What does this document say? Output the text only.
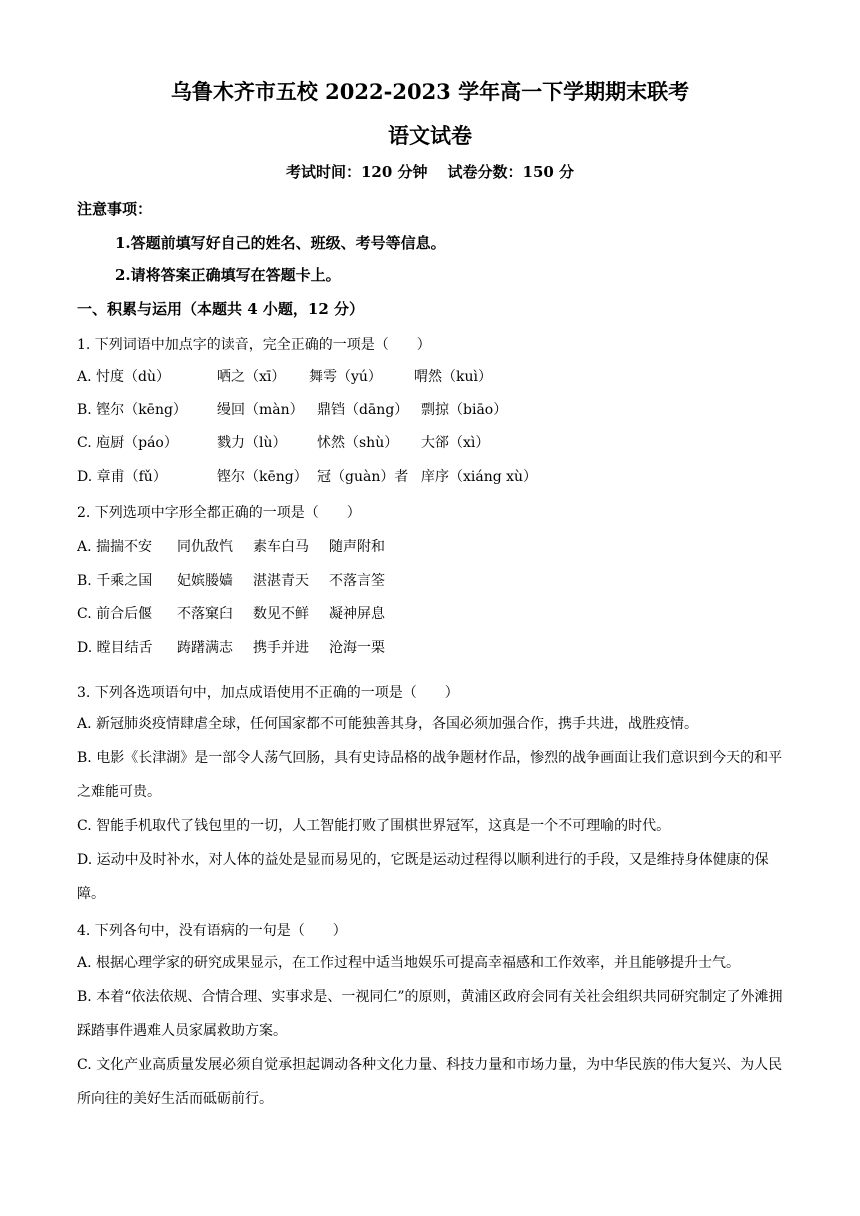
乌鲁木齐市五校 2022-2023 学年高一下学期期末联考
语文试卷
考试时间：120 分钟 试卷分数：150 分
注意事项：
1.答题前填写好自己的姓名、班级、考号等信息。
2.请将答案正确填写在答题卡上。
一、积累与运用（本题共 4 小题，12 分）
1. 下列词语中加点字的读音，完全正确的一项是（　　）
A. 忖度（dù）	哂之（xī） 舞雩（yú） 喟然（kuì）
B. 铿尔（kēng） 缦回（màn） 鼎铛（dāng） 剽掠（biāo）
C. 庖厨（páo）	戮力（lù） 怵然（shù） 大郤（xì）
D. 章甫（fǔ）	铿尔（kēng） 冠（guàn）者 庠序（xiáng xù）
2. 下列选项中字形全都正确的一项是（　　）
A. 揣揣不安 同仇敌忾 素车白马 随声附和
B. 千乘之国 妃嫔媵嫱 湛湛青天 不落言筌
C. 前合后偃 不落窠臼 数见不鲜 凝神屏息
D. 瞠目结舌 踌躇满志 携手并进 沧海一栗
3. 下列各选项语句中，加点成语使用不正确的一项是（　　）
A. 新冠肺炎疫情肆虐全球，任何国家都不可能独善其身，各国必须加强合作，携手共进，战胜疫情。
B. 电影《长津湖》是一部令人荡气回肠，具有史诗品格的战争题材作品，惨烈的战争画面让我们意识到今天的和平之难能可贵。
C. 智能手机取代了钱包里的一切，人工智能打败了围棋世界冠军，这真是一个不可理喻的时代。
D. 运动中及时补水，对人体的益处是显而易见的，它既是运动过程得以顺利进行的手段，又是维持身体健康的保障。
4. 下列各句中，没有语病的一句是（　　）
A. 根据心理学家的研究成果显示，在工作过程中适当地娱乐可提高幸福感和工作效率，并且能够提升士气。
B. 本着“依法依规、合情合理、实事求是、一视同仁”的原则，黄浦区政府会同有关社会组织共同研究制定了外滩拥踩踏事件遇难人员家属救助方案。
C. 文化产业高质量发展必须自觉承担起调动各种文化力量、科技力量和市场力量，为中华民族的伟大复兴、为人民所向往的美好生活而砥砺前行。
